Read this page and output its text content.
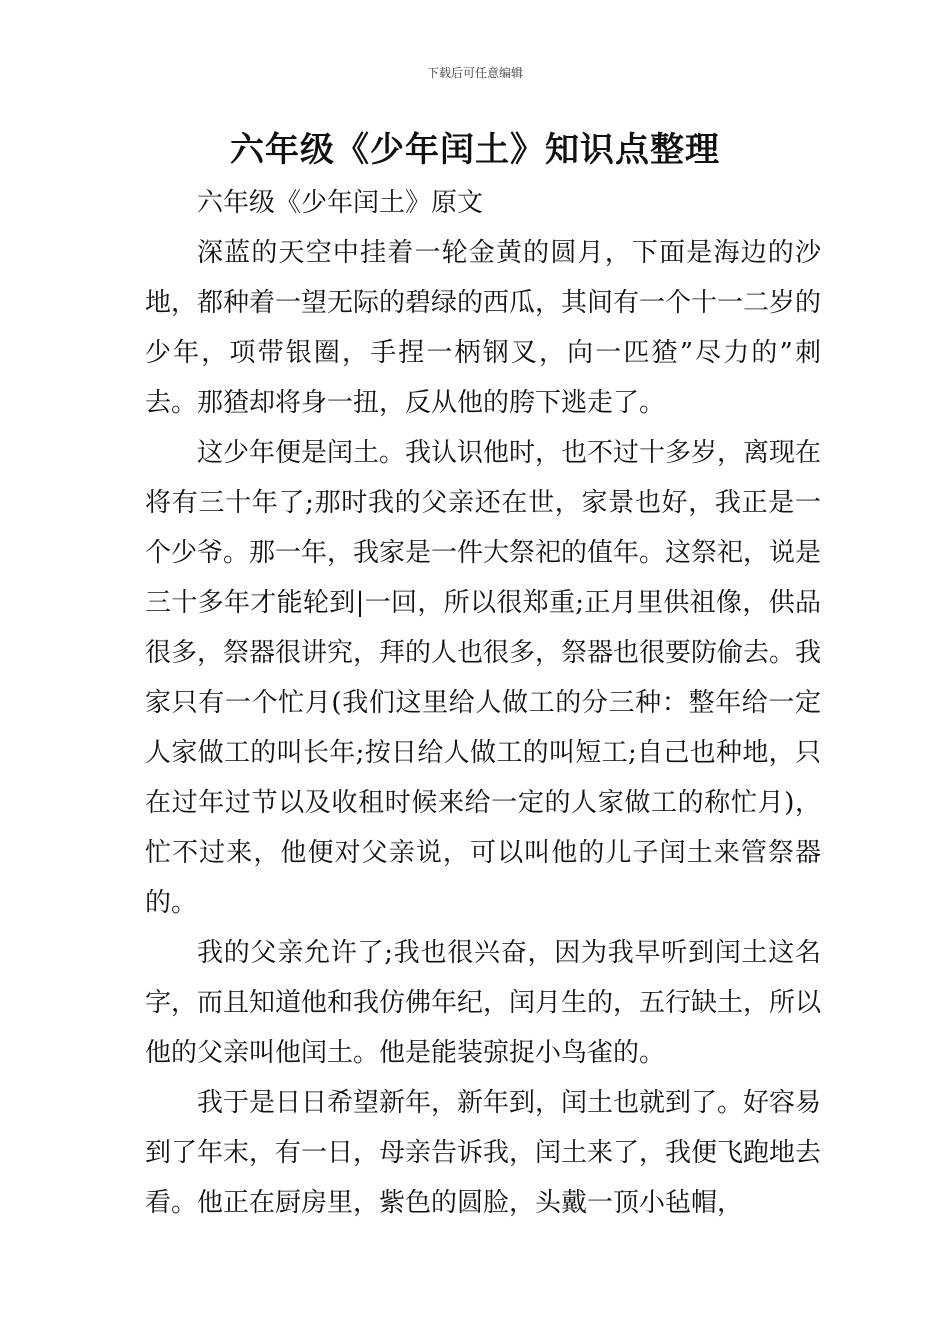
下载后可任意编辑
六年级《少年闰土》知识点整理

六年级《少年闰土》原文

深蓝的天空中挂着一轮金黄的圆月，下面是海边的沙地，都种着一望无际的碧绿的西瓜，其间有一个十一二岁的少年，项带银圈，手捏一柄钢叉，向一匹猹”尽力的”刺去。那猹却将身一扭，反从他的胯下逃走了。

这少年便是闰土。我认识他时，也不过十多岁，离现在将有三十年了;那时我的父亲还在世，家景也好，我正是一个少爷。那一年，我家是一件大祭祀的值年。这祭祀，说是三十多年才能轮到|一回，所以很郑重;正月里供祖像，供品很多，祭器很讲究，拜的人也很多，祭器也很要防偷去。我家只有一个忙月(我们这里给人做工的分三种：整年给一定人家做工的叫长年;按日给人做工的叫短工;自己也种地，只在过年过节以及收租时候来给一定的人家做工的称忙月)，忙不过来，他便对父亲说，可以叫他的儿子闰土来管祭器的。

我的父亲允许了;我也很兴奋，因为我早听到闰土这名字，而且知道他和我仿佛年纪，闰月生的，五行缺土，所以他的父亲叫他闰土。他是能装弶捉小鸟雀的。

我于是日日希望新年，新年到，闰土也就到了。好容易到了年末，有一日，母亲告诉我，闰土来了，我便飞跑地去看。他正在厨房里，紫色的圆脸，头戴一顶小毡帽，
